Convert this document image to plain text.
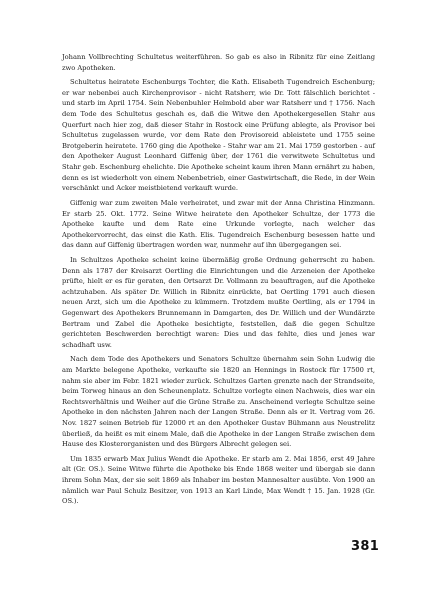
Johann Vollbrechting Schultetus weiterführen. So gab es also in Ribnitz für eine Zeitlang zwo Apotheken.

Schultetus heiratete Eschenburgs Tochter, die Kath. Elisabeth Tugendreich Eschenburg; er war nebenbei auch Kirchenprovisor - nicht Ratsherr, wie Dr. Tott fälschlich berichtet - und starb im April 1754. Sein Nebenbuhler Helmbold aber war Ratsherr und † 1756. Nach dem Tode des Schultetus geschah es, daß die Witwe den Apothekergesellen Stahr aus Querfurt nach hier zog, daß dieser Stahr in Rostock eine Prüfung ablegte, als Provisor bei Schultetus zugelassen wurde, vor dem Rate den Provisoreid ableistete und 1755 seine Brotgeberin heiratete. 1760 ging die Apotheke - Stahr war am 21. Mai 1759 gestorben - auf den Apotheker August Leonhard Giffenig über, der 1761 die verwitwete Schultetus und Stahr geb. Eschenburg ehelichte. Die Apotheke scheint kaum ihren Mann ernährt zu haben, denn es ist wiederholt von einem Nebenbetrieb, einer Gastwirtschaft, die Rede, in der Wein verschänkt und Acker meistbietend verkauft wurde.

Giffenig war zum zweiten Male verheiratet, und zwar mit der Anna Christina Hinzmann. Er starb 25. Okt. 1772. Seine Witwe heiratete den Apotheker Schultze, der 1773 die Apotheke kaufte und dem Rate eine Urkunde vorlegte, nach welcher das Apothekervorrecht, das einst die Kath. Elis. Tugendreich Eschenburg besessen hatte und das dann auf Giffenig übertragen worden war, nunmehr auf ihn übergegangen sei.

In Schultzes Apotheke scheint keine übermäßig große Ordnung geherrscht zu haben. Denn als 1787 der Kreisarzt Oertling die Einrichtungen und die Arzeneien der Apotheke prüfte, hielt er es für geraten, den Ortsarzt Dr. Vollmann zu beauftragen, auf die Apotheke achtzuhaben. Als später Dr. Willich in Ribnitz einrückte, bat Oertling 1791 auch diesen neuen Arzt, sich um die Apotheke zu kümmern. Trotzdem mußte Oertling, als er 1794 in Gegenwart des Apothekers Brunnemann in Damgarten, des Dr. Willich und der Wundärzte Bertram und Zabel die Apotheke besichtigte, feststellen, daß die gegen Schultze gerichteten Beschwerden berechtigt waren: Dies und das fehlte, dies und jenes war schadhaft usw.

Nach dem Tode des Apothekers und Senators Schultze übernahm sein Sohn Ludwig die am Markte belegene Apotheke, verkaufte sie 1820 an Hennings in Rostock für 17500 rt, nahm sie aber im Febr. 1821 wieder zurück. Schultzes Garten grenzte nach der Strandseite, beim Torweg hinaus an den Scheunenplatz. Schultze vorlegte einen Nachweis, dies war ein Rechtsverhältnis und Weiher auf die Grüne Straße zu. Anscheinend verlegte Schultze seine Apotheke in den nächsten Jahren nach der Langen Straße. Denn als er lt. Vertrag vom 26. Nov. 1827 seinen Betrieb für 12000 rt an den Apotheker Gustav Bühmann aus Neustrelitz überließ, da heißt es mit einem Male, daß die Apotheke in der Langen Straße zwischen dem Hause des Klosterorganisten und des Bürgers Albrecht gelegen sei.

Um 1835 erwarb Max Julius Wendt die Apotheke. Er starb am 2. Mai 1856, erst 49 Jahre alt (Gr. OS.). Seine Witwe führte die Apotheke bis Ende 1868 weiter und übergab sie dann ihrem Sohn Max, der sie seit 1869 als Inhaber im besten Mannesalter ausübte. Von 1900 an nämlich war Paul Schulz Besitzer, von 1913 an Karl Linde, Max Wendt † 15. Jan. 1928 (Gr. OS.).

381
